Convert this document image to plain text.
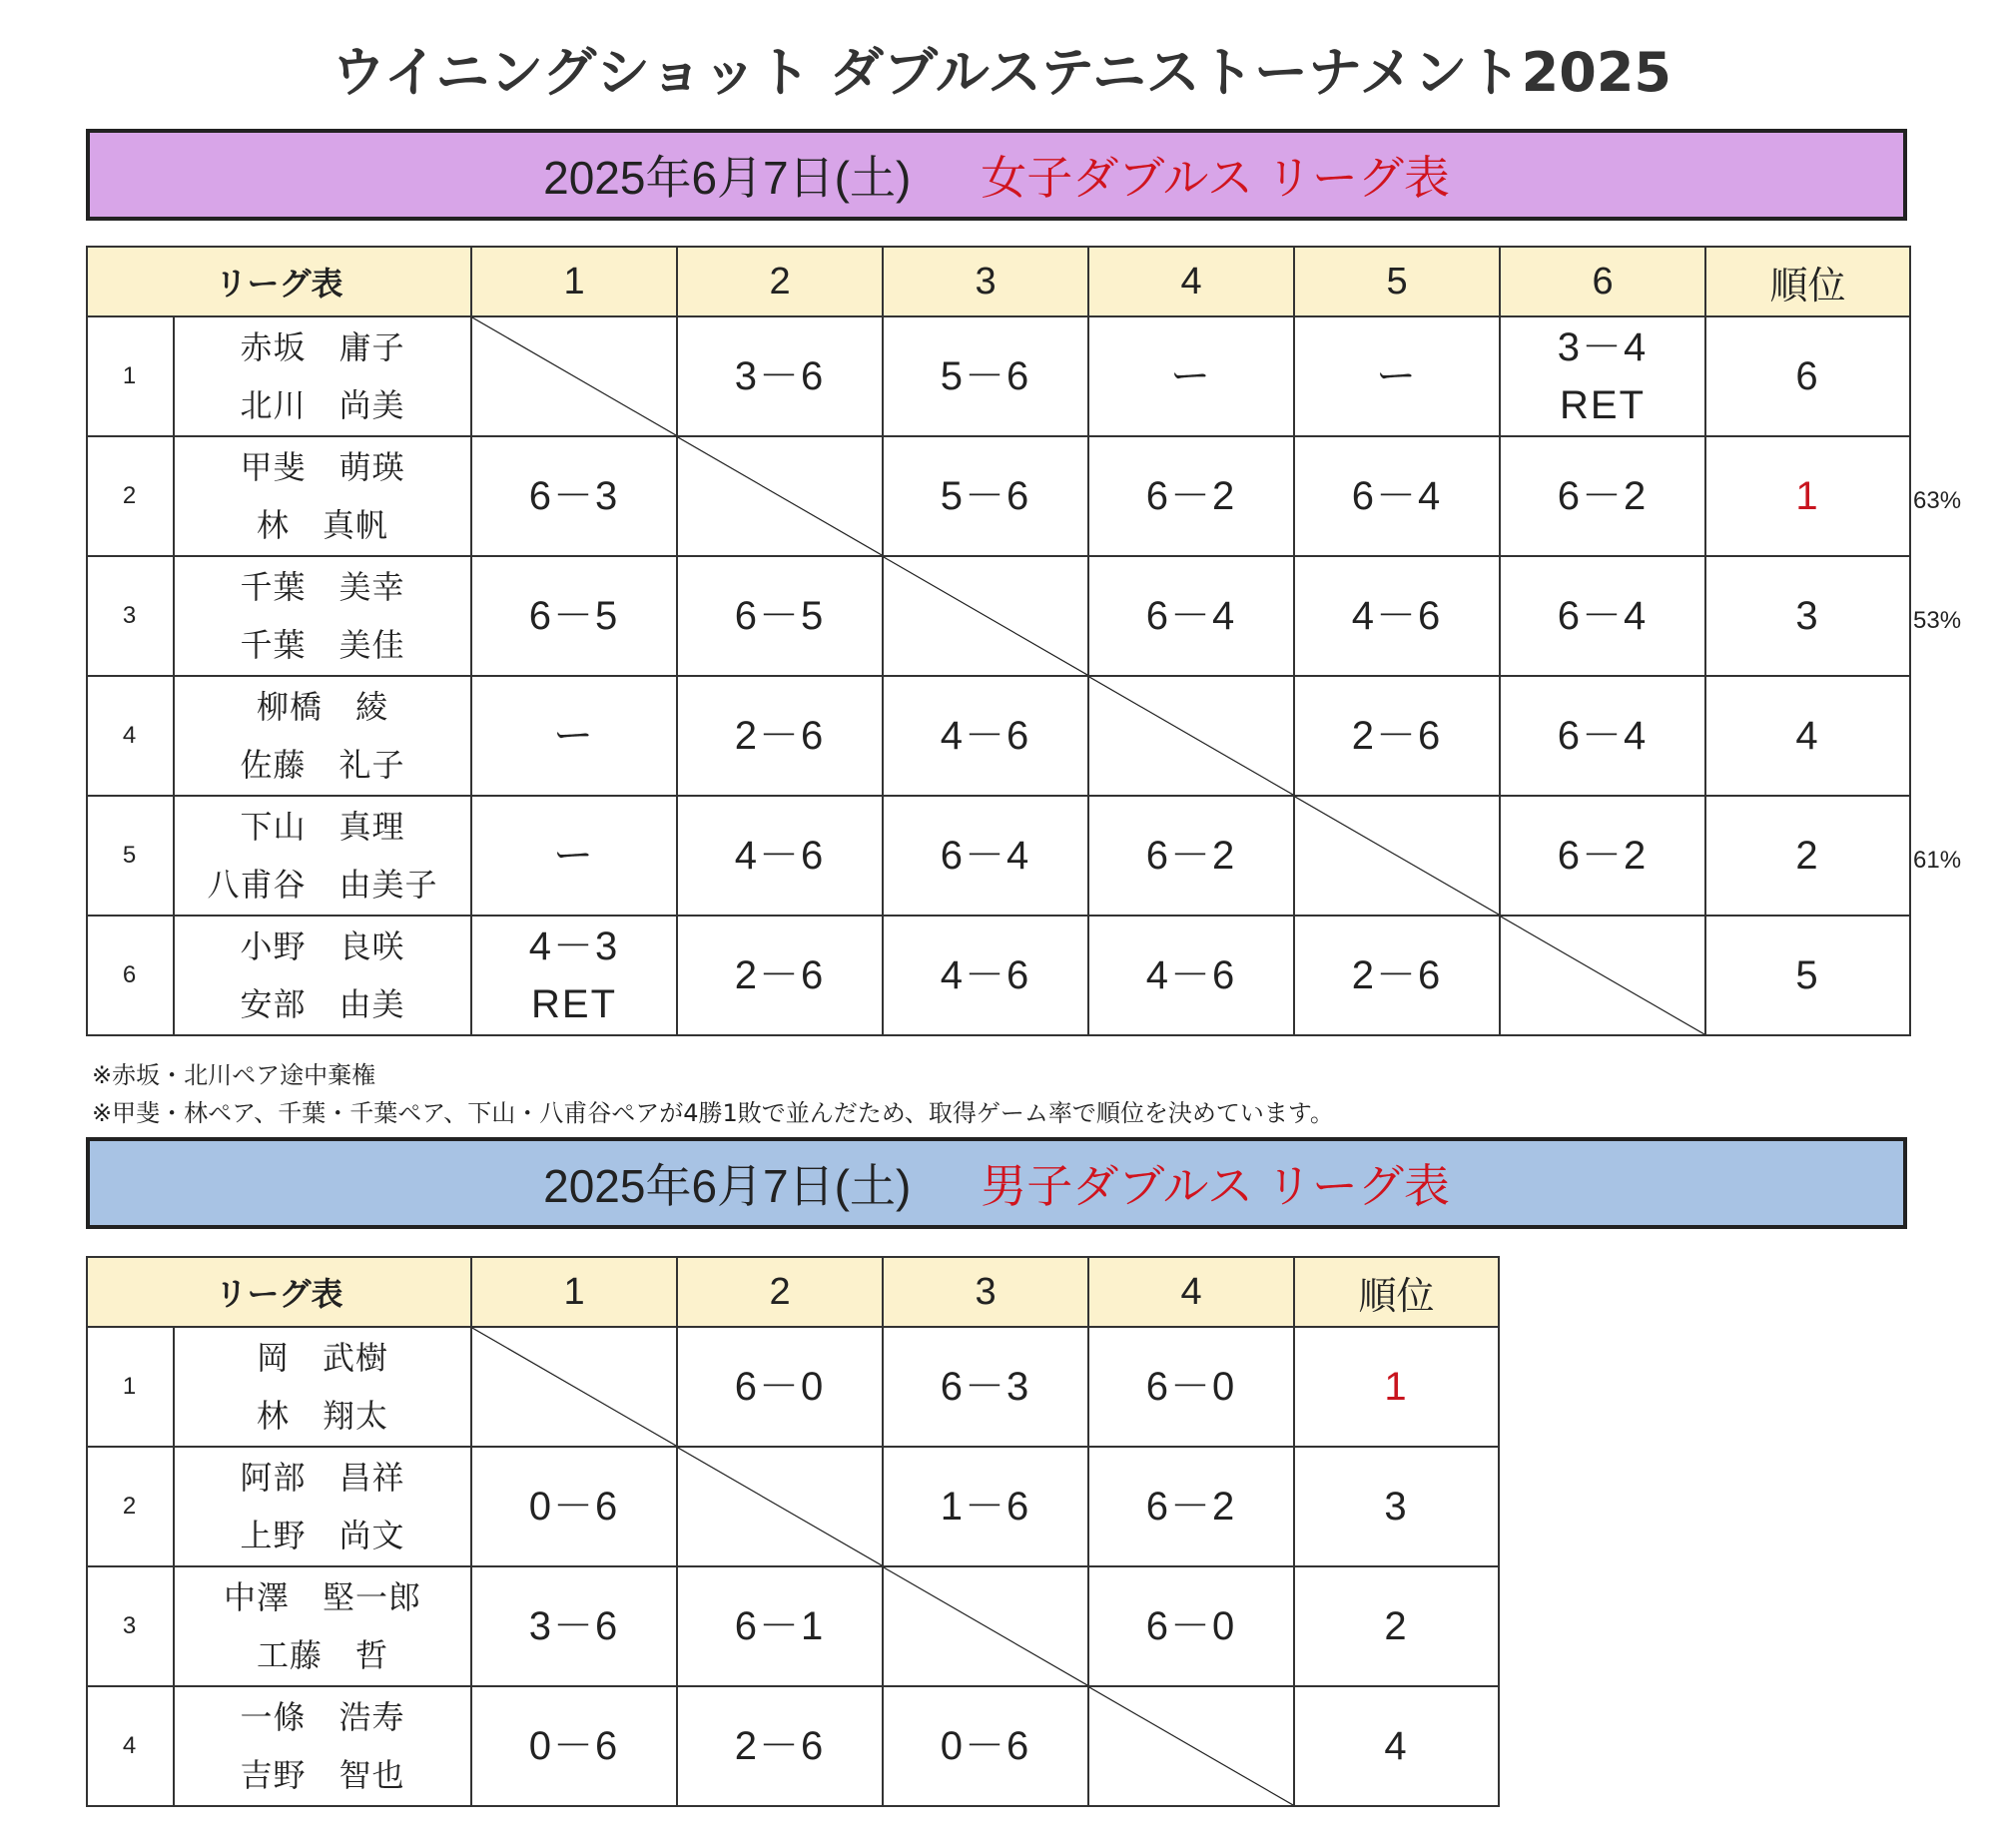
ウイニングショット ダブルステニストーナメント2025
2025年6月7日(土) 女子ダブルス リーグ表
リーグ表		1	2	3	4	5	6	順位
1	赤坂　庸子
北川　尚美		3－6	5－6	ー	ー	3－4
RET	6
2	甲斐　萌瑛
林　真帆	6－3		5－6	6－2	6－4	6－2	1
3	千葉　美幸
千葉　美佳	6－5	6－5		6－4	4－6	6－4	3
4	柳橋　綾
佐藤　礼子	ー	2－6	4－6		2－6	6－4	4
5	下山　真理
八甫谷　由美子	ー	4－6	6－4	6－2		6－2	2
6	小野　良咲
安部　由美	4－3
RET	2－6	4－6	4－6	2－6		5
※赤坂・北川ペア途中棄権
※甲斐・林ペア、千葉・千葉ペア、下山・八甫谷ペアが4勝1敗で並んだため、取得ゲーム率で順位を決めています。
2025年6月7日(土) 男子ダブルス リーグ表
リーグ表		1	2	3	4	順位
1	岡　武樹
林　翔太		6－0	6－3	6－0	1
2	阿部　昌祥
上野　尚文	0－6		1－6	6－2	3
3	中澤　堅一郎
工藤　哲	3－6	6－1		6－0	2
4	一條　浩寿
吉野　智也	0－6	2－6	0－6		4
63%
53%
61%
